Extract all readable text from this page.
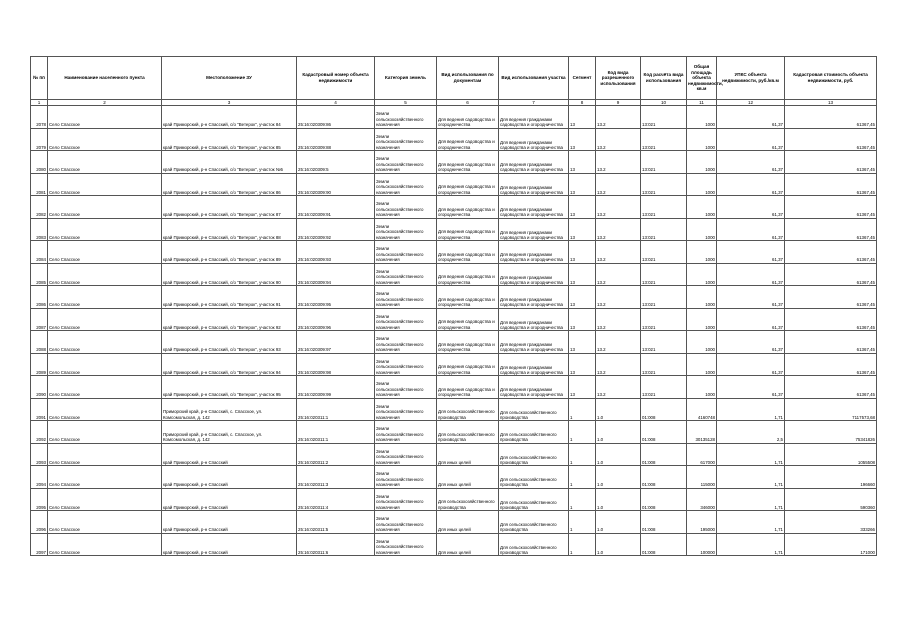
№ пп	Наименование населенного пункта	Местоположение ЗУ	Кадастровый номер объекта недвижимости	Категория земель	Вид использования по документам	Вид использования участка	Сегмент	Код вида разрешенного использования	Код расчёта вида использования	Общая площадь объекта недвижимости, кв.м	УПКС объекта недвижимости, руб./кв.м	Кадастровая стоимость объекта недвижимости, руб.
1	2	3	4	5	6	7	8	9	10	11	12	13
2078	Село Спасское	край Приморский, р-н Спасский, с/о "Ветерок", участок 84	25:16:020309:86	Земли сельскохозяйственного назначения	Для ведения садоводства и огородничества	Для ведения гражданами садоводства и огородничества	13	13.2	13:021	1000	61,37	61367,45
2079	Село Спасское	край Приморский, р-н Спасский, с/о "Ветерок", участок 85	25:16:020309:88	Земли сельскохозяйственного назначения	Для ведения садоводства и огородничества	Для ведения гражданами садоводства и огородничества	13	13.2	13:021	1000	61,37	61367,45
2080	Село Спасское	край Приморский, р-н Спасский, с/о "Ветерок", участок №5	25:16:020309:5	Земли сельскохозяйственного назначения	Для ведения садоводства и огородничества	Для ведения гражданами садоводства и огородничества	13	13.2	13:021	1000	61,37	61367,45
2081	Село Спасское	край Приморский, р-н Спасский, с/о "Ветерок", участок 86	25:16:020309:90	Земли сельскохозяйственного назначения	Для ведения садоводства и огородничества	Для ведения гражданами садоводства и огородничества	13	13.2	13:021	1000	61,37	61367,45
2082	Село Спасское	край Приморский, р-н Спасский, с/о "Ветерок", участок 87	25:16:020309:91	Земли сельскохозяйственного назначения	Для ведения садоводства и огородничества	Для ведения гражданами садоводства и огородничества	13	13.2	13:021	1000	61,37	61367,45
2083	Село Спасское	край Приморский, р-н Спасский, с/о "Ветерок", участок 88	25:16:020309:92	Земли сельскохозяйственного назначения	Для ведения садоводства и огородничества	Для ведения гражданами садоводства и огородничества	13	13.2	13:021	1000	61,37	61367,45
2084	Село Спасское	край Приморский, р-н Спасский, с/о "Ветерок", участок 89	25:16:020309:93	Земли сельскохозяйственного назначения	Для ведения садоводства и огородничества	Для ведения гражданами садоводства и огородничества	13	13.2	13:021	1000	61,37	61367,45
2085	Село Спасское	край Приморский, р-н Спасский, с/о "Ветерок", участок 90	25:16:020309:94	Земли сельскохозяйственного назначения	Для ведения садоводства и огородничества	Для ведения гражданами садоводства и огородничества	13	13.2	13:021	1000	61,37	61367,45
2086	Село Спасское	край Приморский, р-н Спасский, с/о "Ветерок", участок 91	25:16:020309:95	Земли сельскохозяйственного назначения	Для ведения садоводства и огородничества	Для ведения гражданами садоводства и огородничества	13	13.2	13:021	1000	61,37	61367,45
2087	Село Спасское	край Приморский, р-н Спасский, с/о "Ветерок", участок 92	25:16:020309:96	Земли сельскохозяйственного назначения	Для ведения садоводства и огородничества	Для ведения гражданами садоводства и огородничества	13	13.2	13:021	1000	61,37	61367,45
2088	Село Спасское	край Приморский, р-н Спасский, с/о "Ветерок", участок 93	25:16:020309:97	Земли сельскохозяйственного назначения	Для ведения садоводства и огородничества	Для ведения гражданами садоводства и огородничества	13	13.2	13:021	1000	61,37	61367,45
2089	Село Спасское	край Приморский, р-н Спасский, с/о "Ветерок", участок 94	25:16:020309:98	Земли сельскохозяйственного назначения	Для ведения садоводства и огородничества	Для ведения гражданами садоводства и огородничества	13	13.2	13:021	1000	61,37	61367,45
2090	Село Спасское	край Приморский, р-н Спасский, с/о "Ветерок", участок 95	25:16:020309:99	Земли сельскохозяйственного назначения	Для ведения садоводства и огородничества	Для ведения гражданами садоводства и огородничества	13	13.2	13:021	1000	61,37	61367,45
2091	Село Спасское	Приморский край, р-н Спасский, с. Спасское, ул. Комсомольская, д. 142	25:16:020311:1	Земли сельскохозяйственного назначения	Для сельскохозяйственного производства	Для сельскохозяйственного производства	1	1.0	01:008	4160748	1,71	7117573,68
2092	Село Спасское	Приморский край, р-н Спасский, с. Спасское, ул. Комсомольская, д. 142	25:16:020311:1	Земли сельскохозяйственного назначения	Для сельскохозяйственного производства	Для сельскохозяйственного производства	1	1.0	01:008	30135128	2,5	75341826
2093	Село Спасское	край Приморский, р-н Спасский	25:16:020311:2	Земли сельскохозяйственного назначения	Для иных целей	Для сельскохозяйственного производства	1	1.0	01:008	617000	1,71	1055508
2094	Село Спасское	край Приморский, р-н Спасский	25:16:020311:3	Земли сельскохозяйственного назначения	Для иных целей	Для сельскохозяйственного производства	1	1.0	01:008	115000	1,71	196660
2095	Село Спасское	край Приморский, р-н Спасский	25:16:020311:4	Земли сельскохозяйственного назначения	Для сельскохозяйственного производства	Для сельскохозяйственного производства	1	1.0	01:008	346000	1,71	590360
2096	Село Спасское	край Приморский, р-н Спасский	25:16:020311:5	Земли сельскохозяйственного назначения	Для иных целей	Для сельскохозяйственного производства	1	1.0	01:008	195000	1,71	333266
2097	Село Спасское	край Приморский, р-н Спасский	25:16:020311:6	Земли сельскохозяйственного назначения	Для иных целей	Для сельскохозяйственного производства	1	1.0	01:008	100000	1,71	171000
